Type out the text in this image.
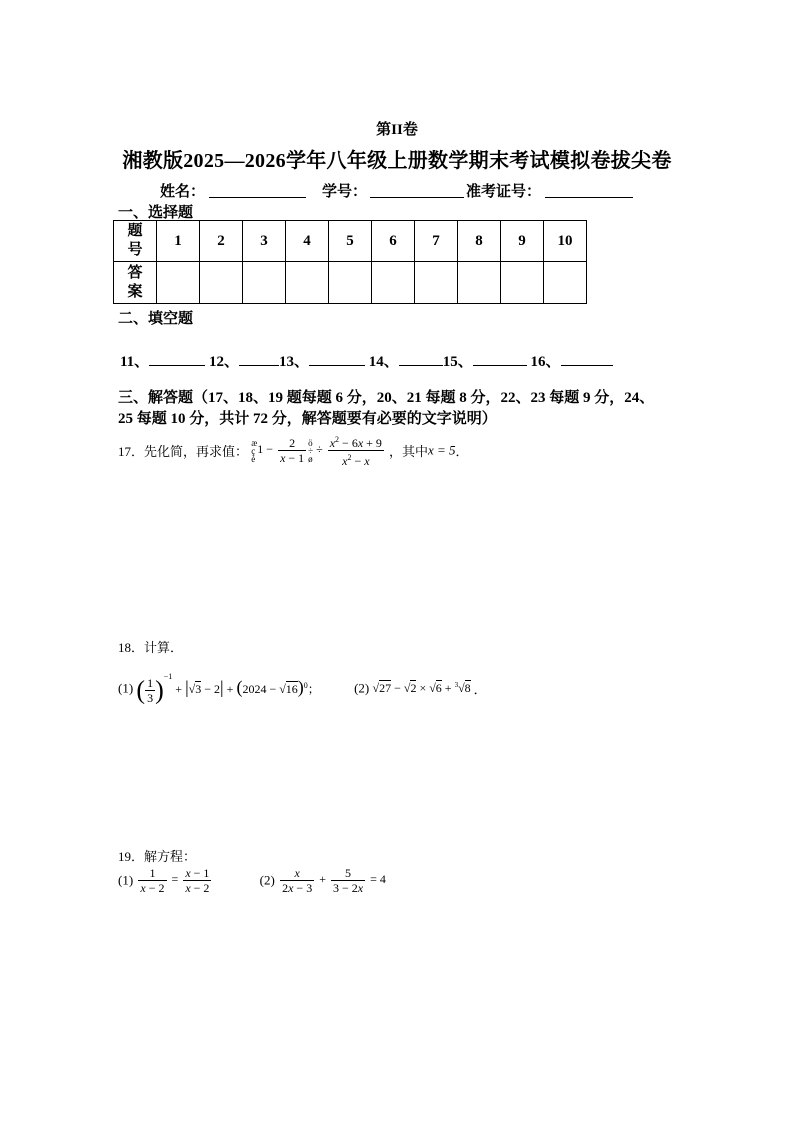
第II卷
湘教版2025—2026学年八年级上册数学期末考试模拟卷拔尖卷
姓名：	学号：	准考证号：
一、选择题
题号	1	2	3	4	5	6	7	8	9	10

答案										

二、填空题
11、	12、	13、	14、	15、	16、
三、解答题（17、18、19 题每题 6 分，20、21 每题 8 分，22、23 每题 9 分，24、
25 每题 10 分，共计 72 分，解答题要有必要的文字说明）
17．先化简，再求值： æ
ç
è1 − $\frac{2}{x - 1}$ ö
÷
ø ÷ $\frac{x^2 - 6x + 9}{x^2 - x}$ ，其中x = 5．
18．计算．
(1) ( $\frac{1}{3} )^{-1} + |√3 - 2| + (2024 - √16)^0$；  (2) √27 − √2 × √6 + $^3$√8 ．
19．解方程：
$(1) \frac{1}{x - 2} = \frac{x - 1}{x - 2}$	$(2) \frac{x}{2x - 3} + \frac{5}{3 - 2x} = 4$
